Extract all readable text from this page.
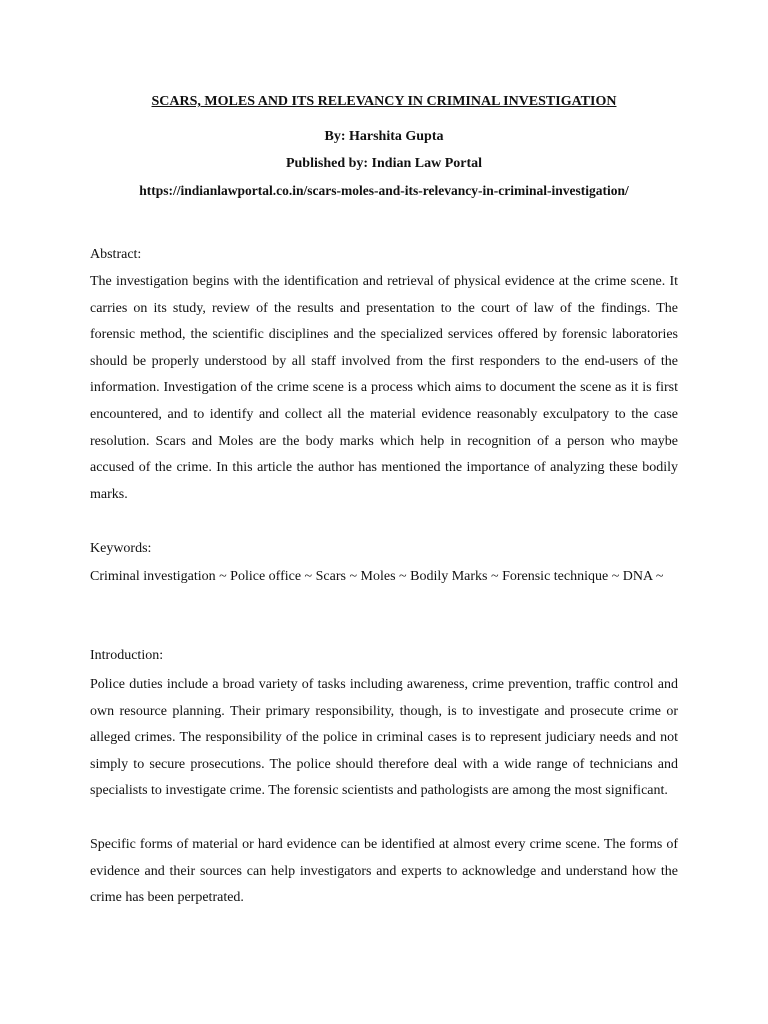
SCARS, MOLES AND ITS RELEVANCY IN CRIMINAL INVESTIGATION
By: Harshita Gupta
Published by: Indian Law Portal
https://indianlawportal.co.in/scars-moles-and-its-relevancy-in-criminal-investigation/
Abstract:

The investigation begins with the identification and retrieval of physical evidence at the crime scene. It carries on its study, review of the results and presentation to the court of law of the findings. The forensic method, the scientific disciplines and the specialized services offered by forensic laboratories should be properly understood by all staff involved from the first responders to the end-users of the information. Investigation of the crime scene is a process which aims to document the scene as it is first encountered, and to identify and collect all the material evidence reasonably exculpatory to the case resolution. Scars and Moles are the body marks which help in recognition of a person who maybe accused of the crime. In this article the author has mentioned the importance of analyzing these bodily marks.

Keywords:

Criminal investigation ~ Police office ~ Scars ~ Moles ~ Bodily Marks ~ Forensic technique ~ DNA ~

Introduction:

Police duties include a broad variety of tasks including awareness, crime prevention, traffic control and own resource planning. Their primary responsibility, though, is to investigate and prosecute crime or alleged crimes. The responsibility of the police in criminal cases is to represent judiciary needs and not simply to secure prosecutions. The police should therefore deal with a wide range of technicians and specialists to investigate crime. The forensic scientists and pathologists are among the most significant.

Specific forms of material or hard evidence can be identified at almost every crime scene. The forms of evidence and their sources can help investigators and experts to acknowledge and understand how the crime has been perpetrated.
